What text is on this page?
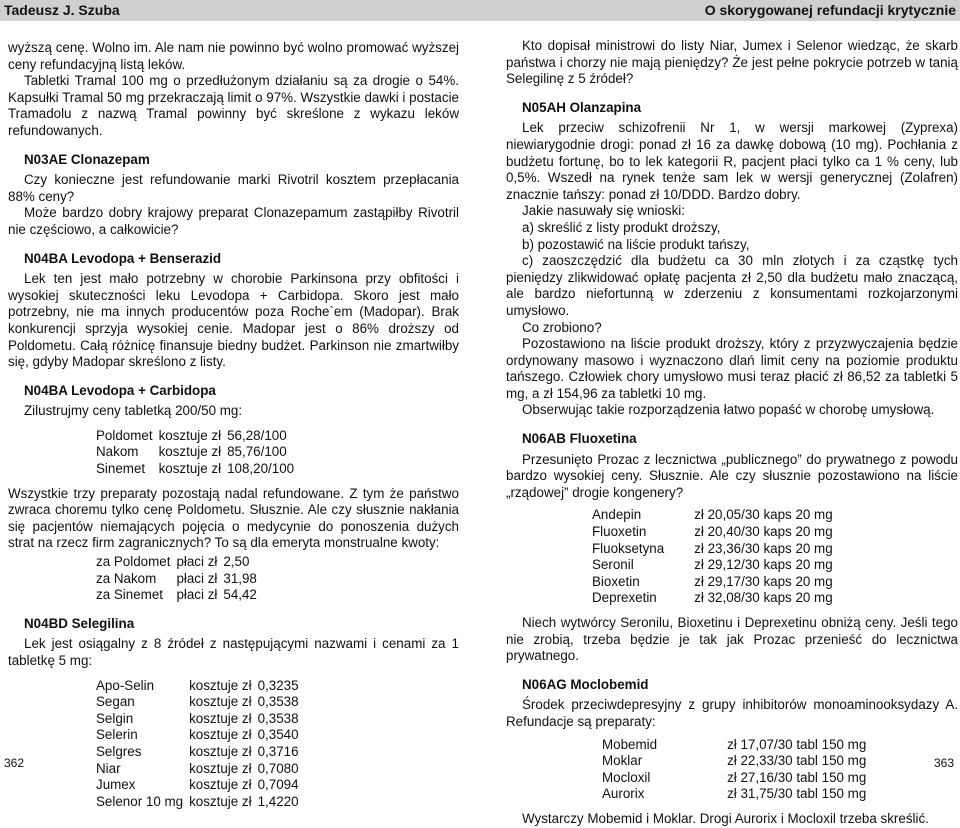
Tadeusz J. Szuba	O skorygowanej refundacji krytycznie

wyższą cenę. Wolno im. Ale nam nie powinno być wolno promować wyższej ceny refundacyjną listą leków.

Tabletki Tramal 100 mg o przedłużonym działaniu są za drogie o 54%. Kapsułki Tramal 50 mg przekraczają limit o 97%. Wszystkie dawki i postacie Tramadolu z nazwą Tramal powinny być skreślone z wykazu leków refundowanych.

N03AE Clonazepam

Czy konieczne jest refundowanie marki Rivotril kosztem przepłacania 88% ceny?

Może bardzo dobry krajowy preparat Clonazepamum zastąpiłby Rivotril nie częściowo, a całkowicie?

N04BA Levodopa + Benserazid

Lek ten jest mało potrzebny w chorobie Parkinsona przy obfitości i wysokiej skuteczności leku Levodopa + Carbidopa. Skoro jest mało potrzebny, nie ma innych producentów poza Roche`em (Madopar). Brak konkurencji sprzyja wysokiej cenie. Madopar jest o 86% droższy od Poldometu. Całą różnicę finansuje biedny budżet. Parkinson nie zmartwiłby się, gdyby Madopar skreślono z listy.

N04BA Levodopa + Carbidopa

Zilustrujmy ceny tabletką 200/50 mg:

Poldomet	kosztuje zł	56,28/100
Nakom	kosztuje zł	85,76/100
Sinemet	kosztuje zł	108,20/100

Wszystkie trzy preparaty pozostają nadal refundowane. Z tym że państwo zwraca choremu tylko cenę Poldometu. Słusznie. Ale czy słusznie nakłania się pacjentów niemających pojęcia o medycynie do ponoszenia dużych strat na rzecz firm zagranicznych? To są dla emeryta monstrualne kwoty:

za Poldomet	płaci zł	2,50
za Nakom	płaci zł	31,98
za Sinemet	płaci zł	54,42
N04BD Selegilina

Lek jest osiągalny z 8 źródeł z następującymi nazwami i cenami za 1 tabletkę 5 mg:

Apo-Selin	kosztuje zł	0,3235
Segan	kosztuje zł	0,3538
Selgin	kosztuje zł	0,3538
Selerin	kosztuje zł	0,3540
Selgres	kosztuje zł	0,3716
Niar	kosztuje zł	0,7080
Jumex	kosztuje zł	0,7094
Selenor 10 mg	kosztuje zł	1,4220

Kto dopisał ministrowi do listy Niar, Jumex i Selenor wiedząc, że skarb państwa i chorzy nie mają pieniędzy? Że jest pełne pokrycie potrzeb w tanią Selegilinę z 5 źródeł?

N05AH Olanzapina

Lek przeciw schizofrenii Nr 1, w wersji markowej (Zyprexa) niewiarygodnie drogi: ponad zł 16 za dawkę dobową (10 mg). Pochłania z budżetu fortunę, bo to lek kategorii R, pacjent płaci tylko ca 1 % ceny, lub 0,5%. Wszedł na rynek tenże sam lek w wersji generycznej (Zolafren) znacznie tańszy: ponad zł 10/DDD. Bardzo dobry.

Jakie nasuwały się wnioski:

a) skreślić z listy produkt droższy,

b) pozostawić na liście produkt tańszy,

c) zaoszczędzić dla budżetu ca 30 mln złotych i za cząstkę tych pieniędzy zlikwidować opłatę pacjenta zł 2,50 dla budżetu mało znaczącą, ale bardzo niefortunną w zderzeniu z konsumentami rozkojarzonymi umysłowo.

Co zrobiono?

Pozostawiono na liście produkt droższy, który z przyzwyczajenia będzie ordynowany masowo i wyznaczono dlań limit ceny na poziomie produktu tańszego. Człowiek chory umysłowo musi teraz płacić zł 86,52 za tabletki 5 mg, a zł 154,96 za tabletki 10 mg.

Obserwując takie rozporządzenia łatwo popaść w chorobę umysłową.

N06AB Fluoxetina

Przesunięto Prozac z lecznictwa „publicznego” do prywatnego z powodu bardzo wysokiej ceny. Słusznie. Ale czy słusznie pozostawiono na liście „rządowej” drogie kongenery?

Andepin	zł 20,05/30 kaps 20 mg
Fluoxetin	zł 20,40/30 kaps 20 mg
Fluoksetyna	zł 23,36/30 kaps 20 mg
Seronil	zł 29,12/30 kaps 20 mg
Bioxetin	zł 29,17/30 kaps 20 mg
Deprexetin	zł 32,08/30 kaps 20 mg

Niech wytwórcy Seronilu, Bioxetinu i Deprexetinu obniżą ceny. Jeśli tego nie zrobią, trzeba będzie je tak jak Prozac przenieść do lecznictwa prywatnego.

N06AG Moclobemid

Środek przeciwdepresyjny z grupy inhibitorów monoaminooksydazy A. Refundacje są preparaty:

Mobemid	zł 17,07/30 tabl 150 mg
Moklar	zł 22,33/30 tabl 150 mg
Mocloxil	zł 27,16/30 tabl 150 mg
Aurorix	zł 31,75/30 tabl 150 mg

Wystarczy Mobemid i Moklar. Drogi Aurorix i Mocloxil trzeba skreślić.

362	363
